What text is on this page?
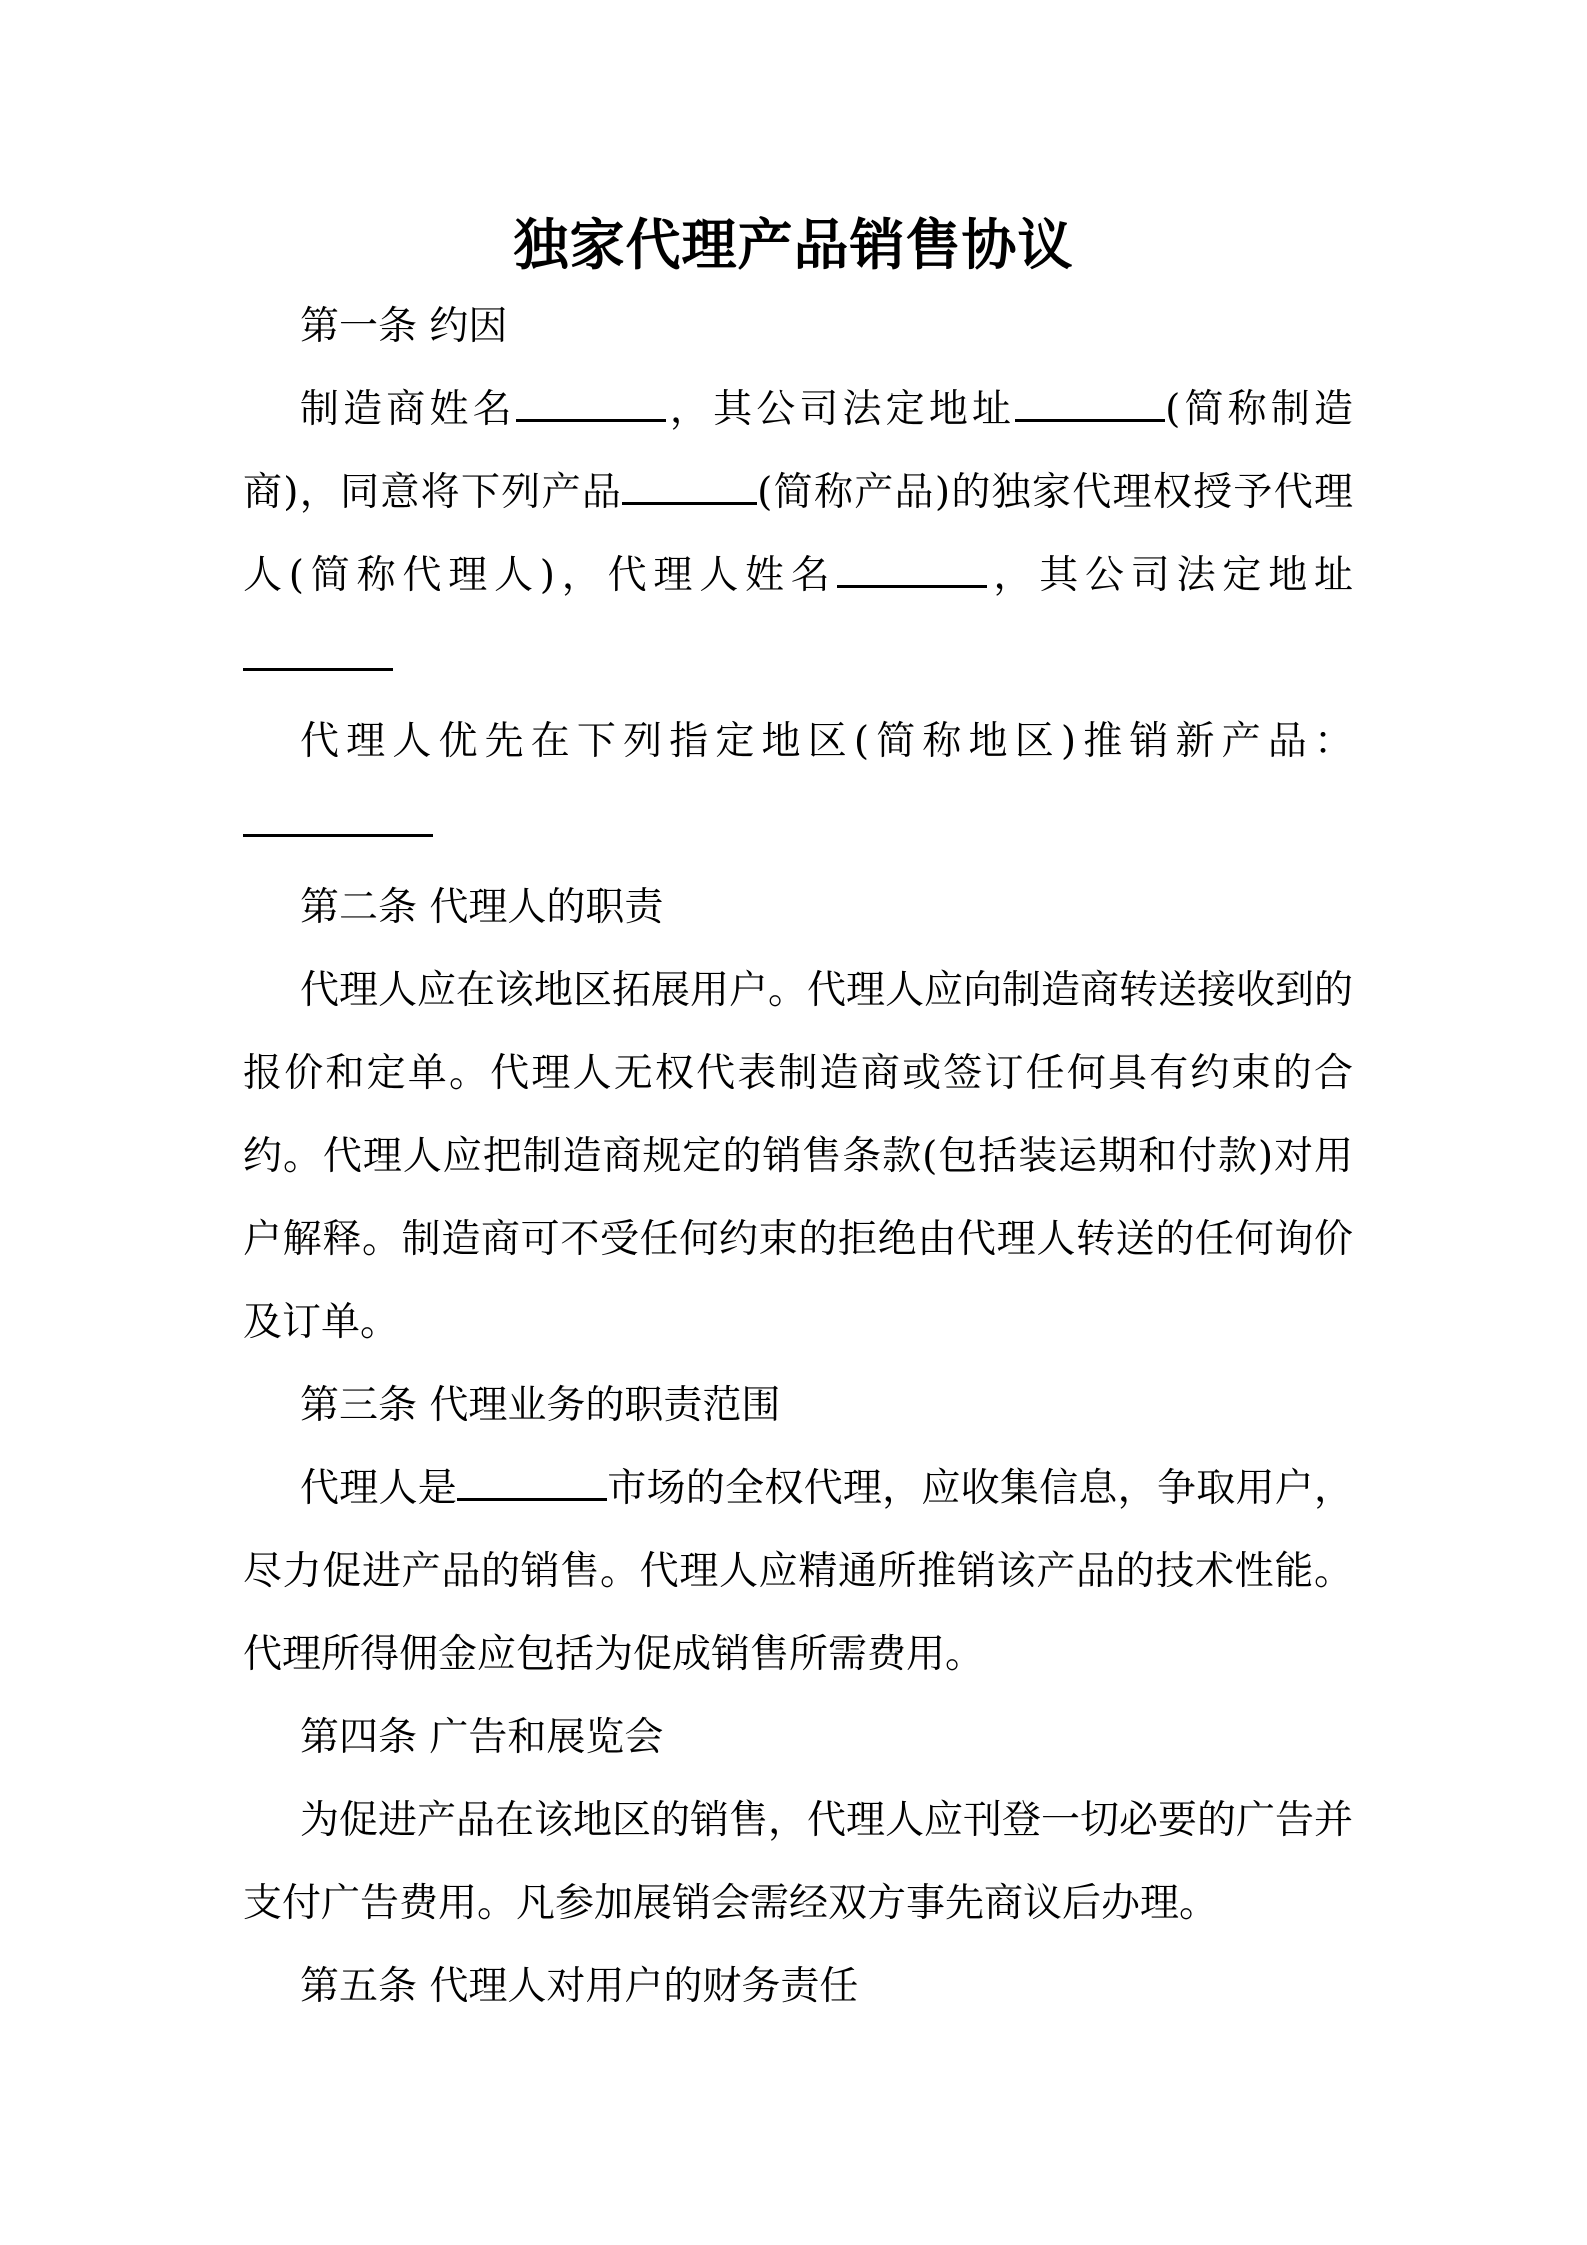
独家代理产品销售协议

第一条 约因

制造商姓名	，其公司法定地址	(简称制造商)，同意将下列产品	(简称产品)的独家代理权授予代理人(简称代理人)，代理人姓名	，其公司法定地址

代理人优先在下列指定地区(简称地区)推销新产品：

第二条 代理人的职责

代理人应在该地区拓展用户。代理人应向制造商转送接收到的报价和定单。代理人无权代表制造商或签订任何具有约束的合约。代理人应把制造商规定的销售条款(包括装运期和付款)对用户解释。制造商可不受任何约束的拒绝由代理人转送的任何询价及订单。

第三条 代理业务的职责范围

代理人是	市场的全权代理，应收集信息，争取用户，尽力促进产品的销售。代理人应精通所推销该产品的技术性能。代理所得佣金应包括为促成销售所需费用。

第四条 广告和展览会

为促进产品在该地区的销售，代理人应刊登一切必要的广告并支付广告费用。凡参加展销会需经双方事先商议后办理。

第五条 代理人对用户的财务责任
